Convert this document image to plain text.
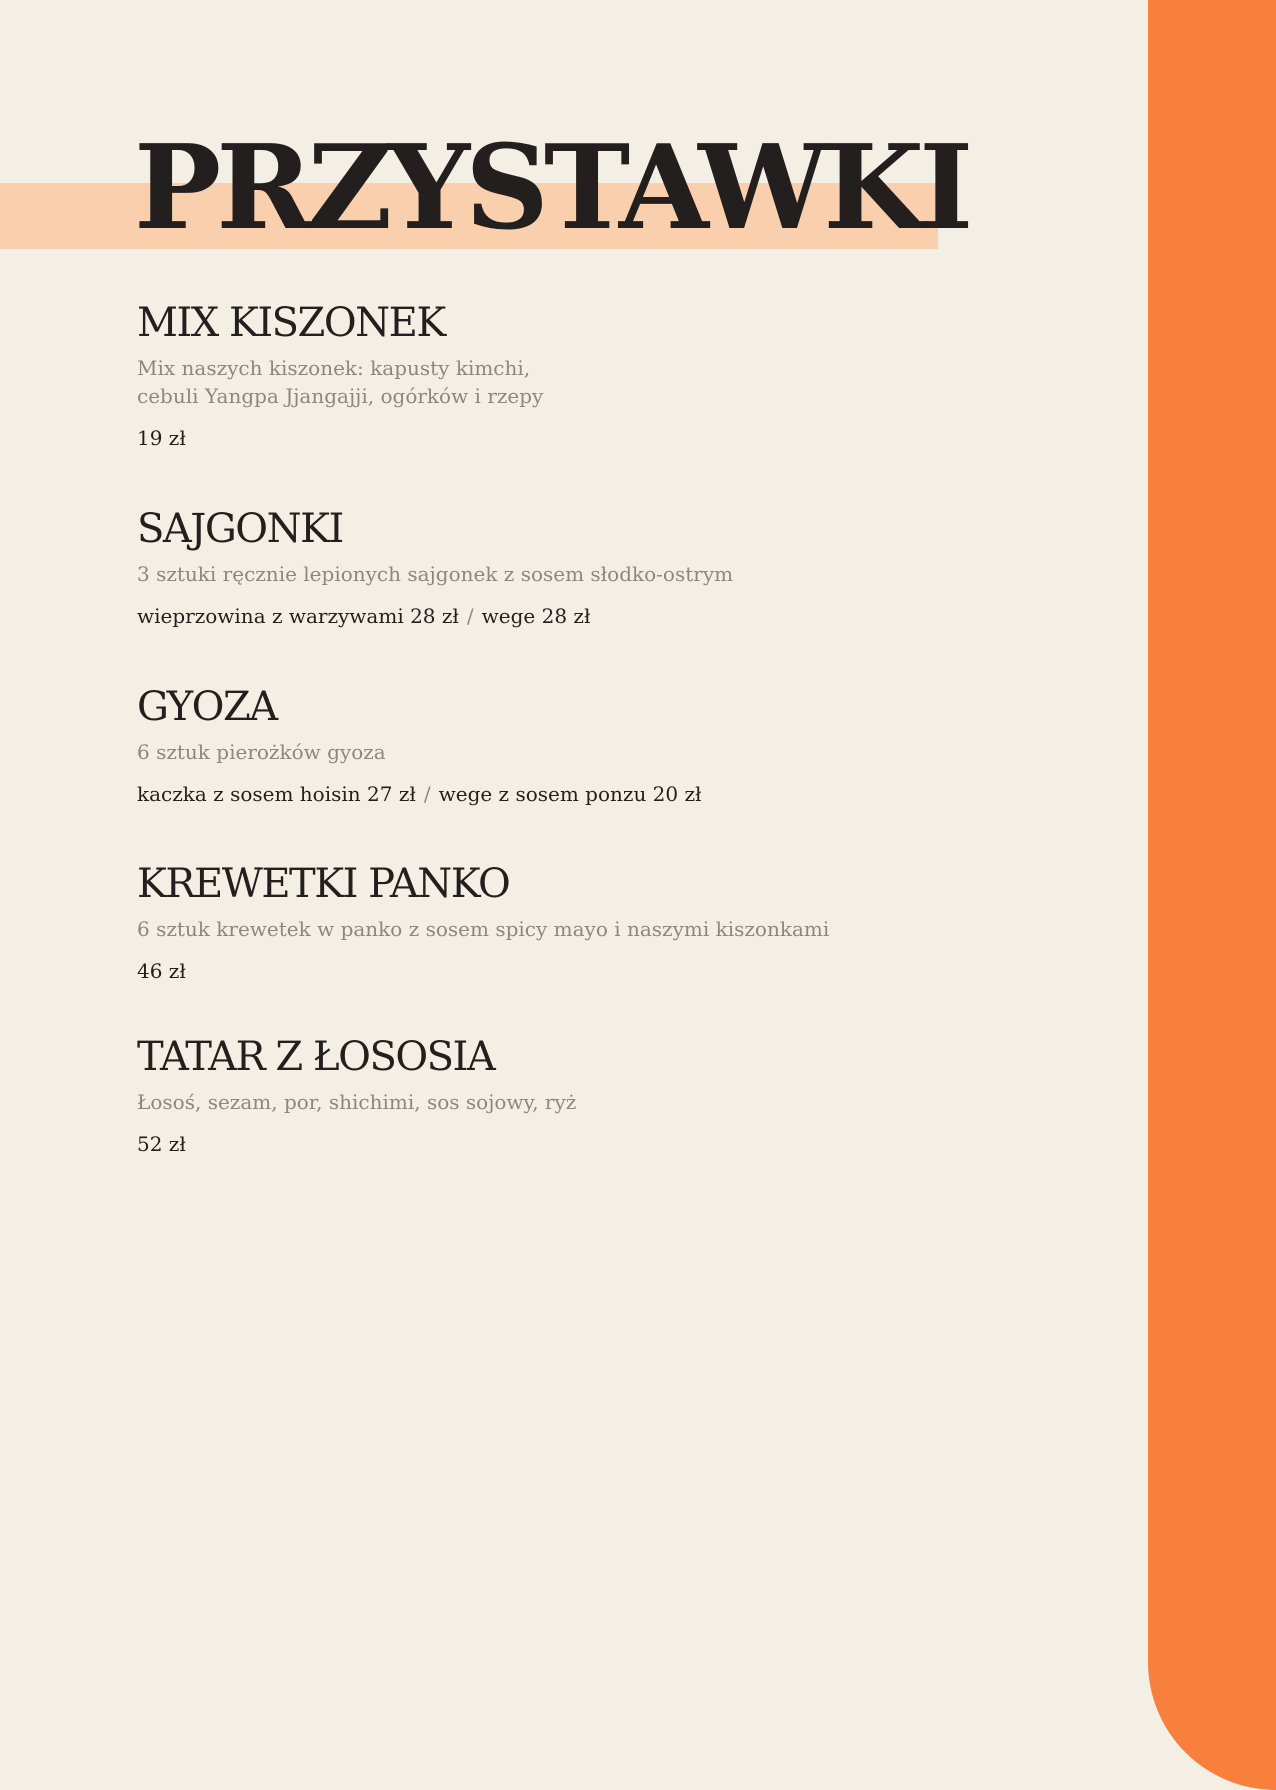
PRZYSTAWKI
MIX KISZONEK

Mix naszych kiszonek: kapusty kimchi,
cebuli Yangpa Jjangajji, ogórków i rzepy

19 zł

SAJGONKI

3 sztuki ręcznie lepionych sajgonek z sosem słodko-ostrym

wieprzowina z warzywami 28 zł / wege 28 zł

GYOZA

6 sztuk pierożków gyoza

kaczka z sosem hoisin 27 zł / wege z sosem ponzu 20 zł

KREWETKI PANKO

6 sztuk krewetek w panko z sosem spicy mayo i naszymi kiszonkami

46 zł

TATAR Z ŁOSOSIA

Łosoś, sezam, por, shichimi, sos sojowy, ryż

52 zł
